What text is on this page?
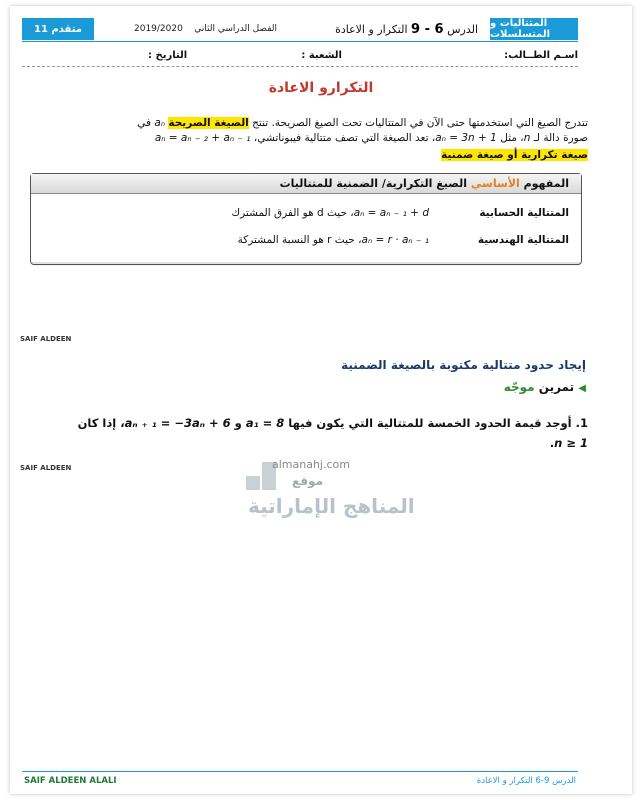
11 متقدم	2019/2020 الفصل الدراسي الثاني	الدرس 6 - 9 التكرار و الاعادة	المتتاليات و المتسلسلات
اسـم الطــالب:
الشعبة :
التاريخ :
التكرارو الاعادة
تتدرج الصيغ التي استخدمتها حتى الآن في المتتاليات تحت الصيغ الصريحة. تنتج الصيغة الصريحة aₙ في
صورة دالة لـ n، مثل aₙ = 3n + 1، تعد الصيغة التي تصف متتالية فيبوناتشي، aₙ = aₙ ₋ ₂ + aₙ ₋ ₁
صيغة تكرارية أو صيغة ضمنية
المفهوم الأساسي الصيغ التكرارية/ الضمنية للمتتاليات
المتتالية الحسابية
aₙ = aₙ ₋ ₁ + d، حيث d هو الفرق المشترك
المتتالية الهندسية
aₙ = r · aₙ ₋ ₁، حيث r هو النسبة المشتركة
SAIF ALDEEN
SAIF ALDEEN
إيجاد حدود متتالية مكتوبة بالصيغة الضمنية
◀ تمرين موجّه
1. أوجد قيمة الحدود الخمسة للمتتالية التي يكون فيها a₁ = 8 و aₙ ₊ ₁ = −3aₙ + 6، إذا كان
n ≥ 1.
almanahj.com
موقع
المناهج الإماراتية
SAIF ALDEEN ALALI	الدرس 9-6 التكرار و الاعادة
